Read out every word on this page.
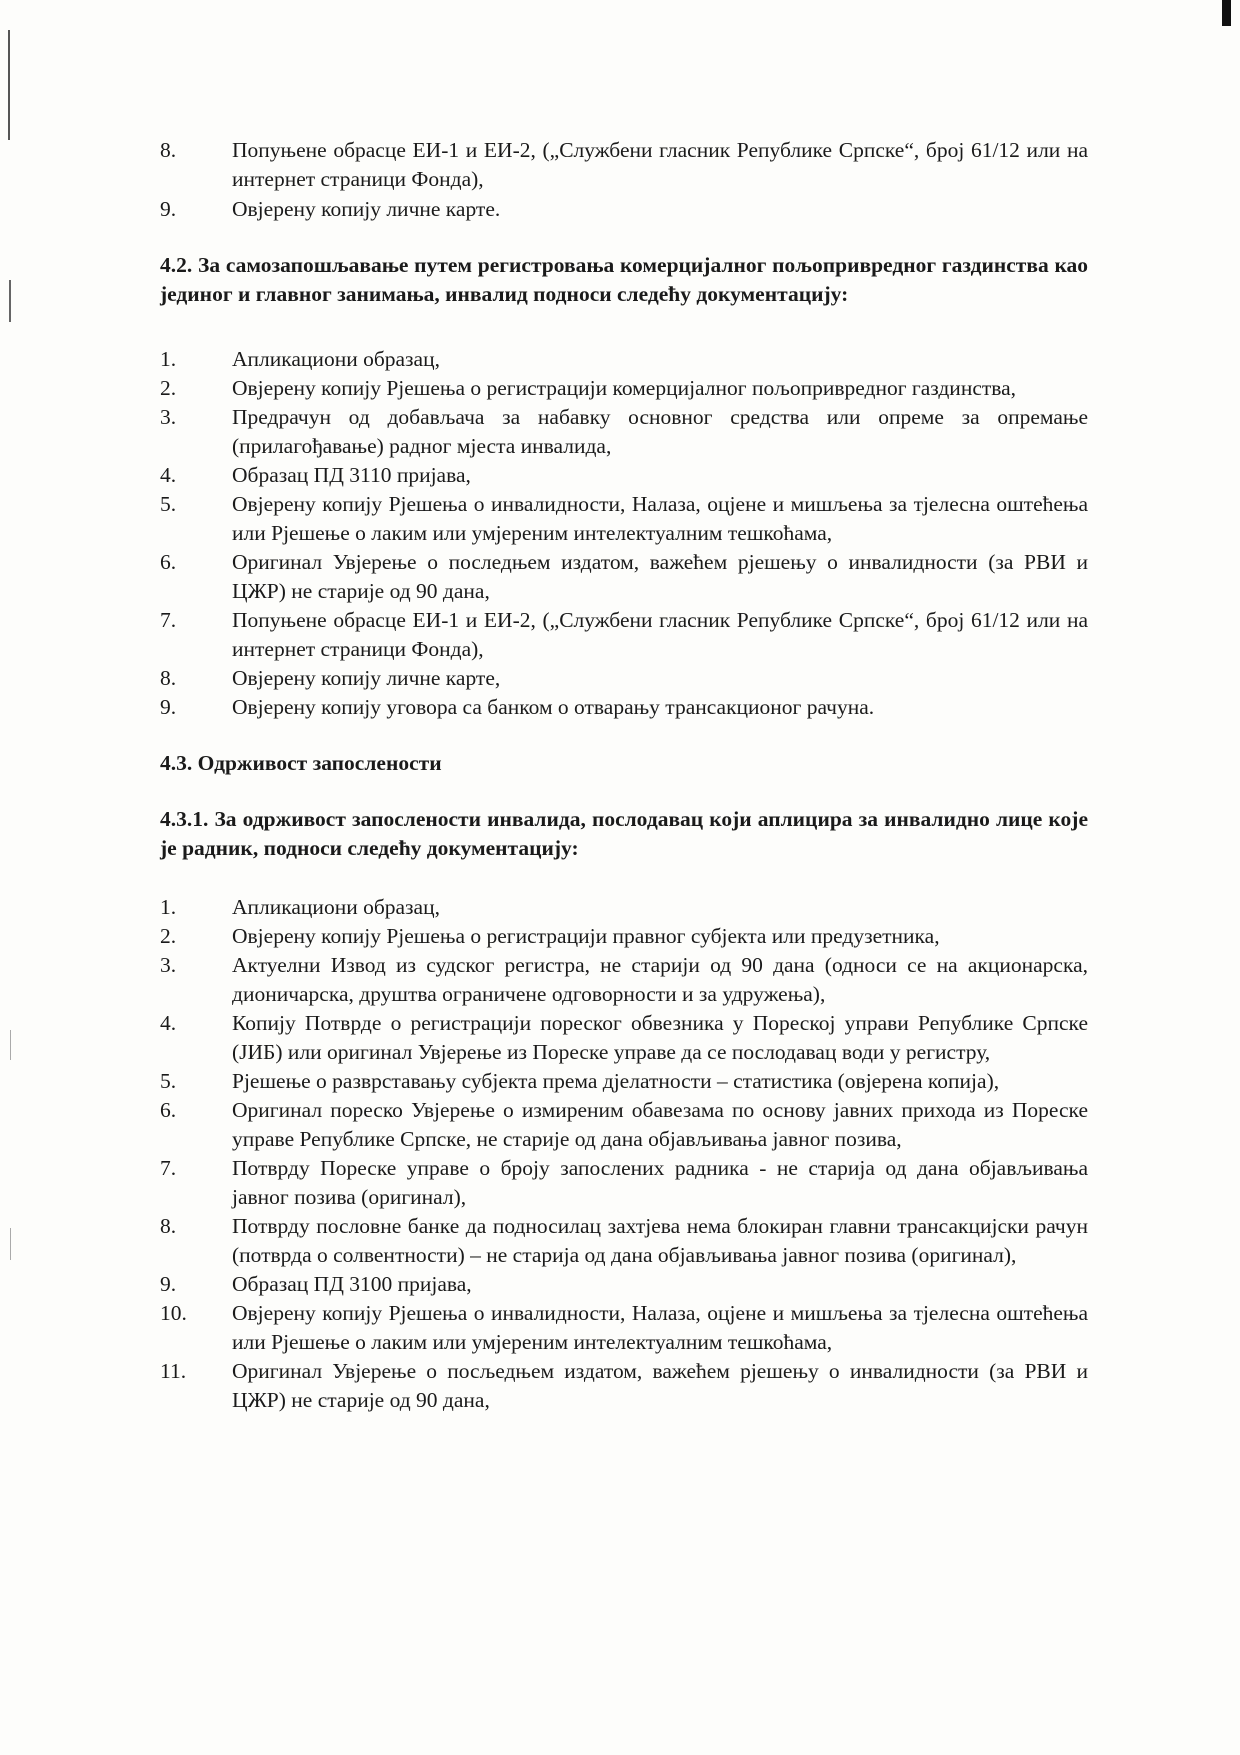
8.	Попуњене обрасце ЕИ-1 и ЕИ-2, („Службени гласник Републике Српске“, број 61/12 или на интернет страници Фонда),
9.	Овјерену копију личне карте.

4.2. За самозапошљавање путем регистровања комерцијалног пољопривредног газдинства као јединог и главног занимања, инвалид подноси следећу документацију:

1.	Апликациони образац,
2.	Овјерену копију Рјешења о регистрацији комерцијалног пољопривредног газдинства,
3.	Предрачун од добављача за набавку основног средства или опреме за опремање (прилагођавање) радног мјеста инвалида,
4.	Образац ПД 3110 пријава,
5.	Овјерену копију Рјешења о инвалидности, Налаза, оцјене и мишљења за тјелесна оштећења или Рјешење о лаким или умјереним интелектуалним тешкоћама,
6.	Оригинал Увјерење о последњем издатом, важећем рјешењу о инвалидности (за РВИ и ЦЖР) не старије од 90 дана,
7.	Попуњене обрасце ЕИ-1 и ЕИ-2, („Службени гласник Републике Српске“, број 61/12 или на интернет страници Фонда),
8.	Овјерену копију личне карте,
9.	Овјерену копију уговора са банком о отварању трансакционог рачуна.

4.3. Одрживост запослености

4.3.1. За одрживост запослености инвалида, послодавац који аплицира за инвалидно лице које је радник, подноси следећу документацију:

1.	Апликациони образац,
2.	Овјерену копију Рјешења о регистрацији правног субјекта или предузетника,
3.	Актуелни Извод из судског регистра, не старији од 90 дана (односи се на акционарска, дионичарска, друштва ограничене одговорности и за удружења),
4.	Копију Потврде о регистрацији пореског обвезника у Пореској управи Републике Српске (ЈИБ) или оригинал Увјерење из Пореске управе да се послодавац води у регистру,
5.	Рјешење о разврставању субјекта према дјелатности – статистика (овјерена копија),
6.	Оригинал пореско Увјерење о измиреним обавезама по основу јавних прихода из Пореске управе Републике Српске, не старије од дана објављивања јавног позива,
7.	Потврду Пореске управе о броју запослених радника - не старија од дана објављивања јавног позива (оригинал),
8.	Потврду пословне банке да подносилац захтјева нема блокиран главни трансакцијски рачун (потврда о солвентности) – не старија од дана објављивања јавног позива (оригинал),
9.	Образац ПД 3100 пријава,
10.	Овјерену копију Рјешења о инвалидности, Налаза, оцјене и мишљења за тјелесна оштећења или Рјешење о лаким или умјереним интелектуалним тешкоћама,
11.	Оригинал Увјерење о посљедњем издатом, важећем рјешењу о инвалидности (за РВИ и ЦЖР) не старије од 90 дана,
